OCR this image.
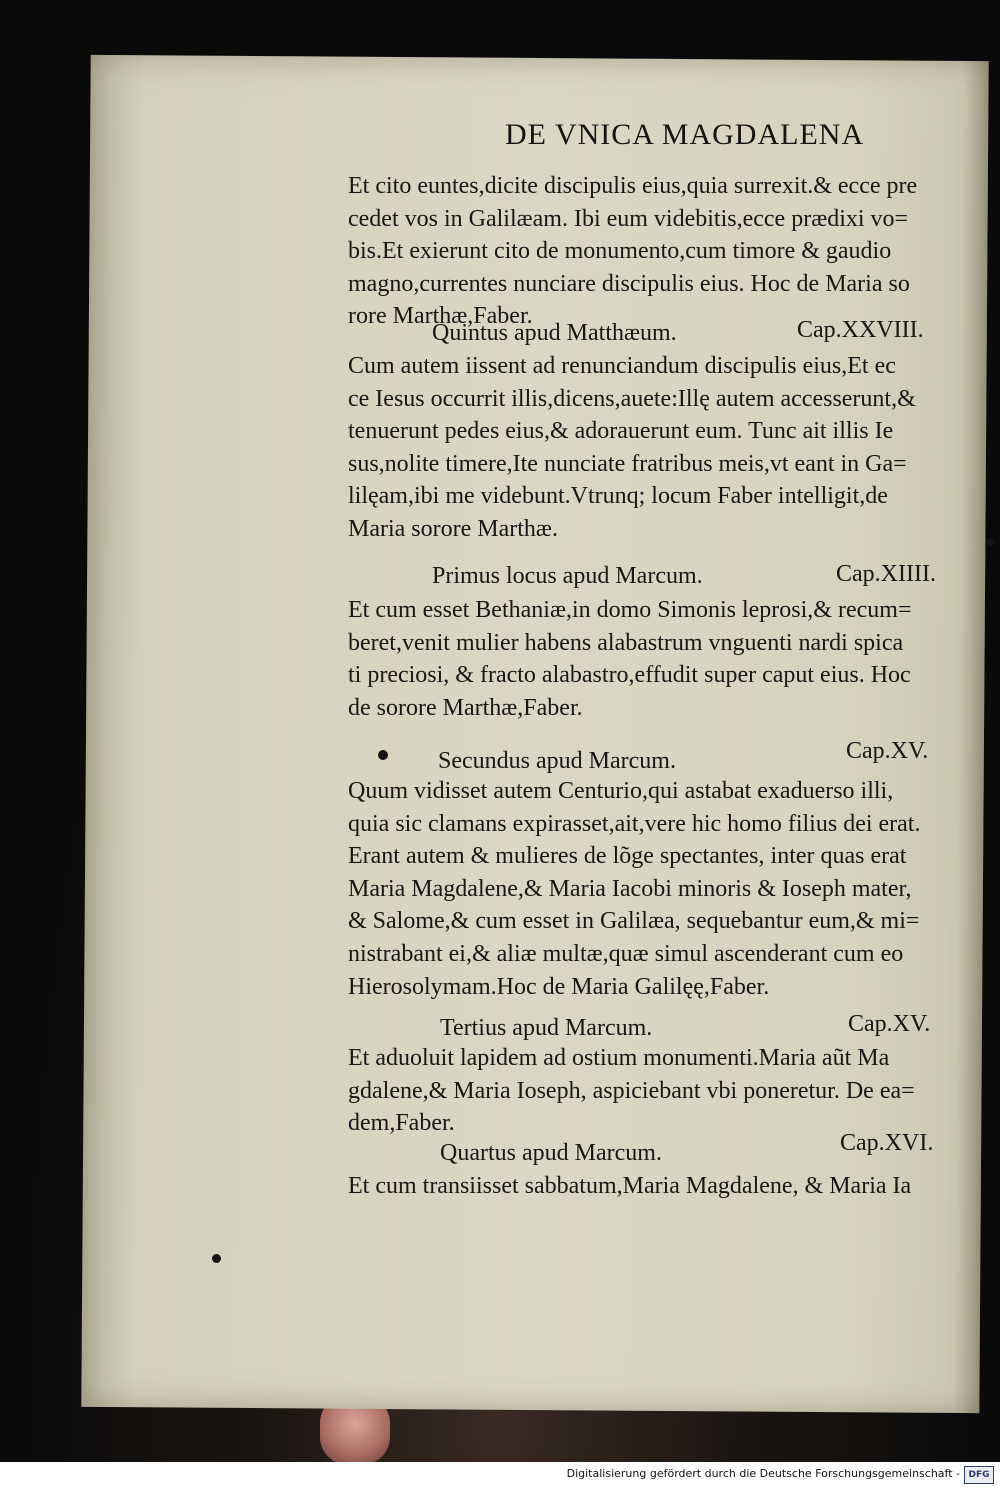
DE VNICA MAGDALENA
Et cito euntes,dicite discipulis eius,quia surrexit.& ecce pre
cedet vos in Galilæam. Ibi eum videbitis,ecce prædixi vo=
bis.Et exierunt cito de monumento,cum timore & gaudio
magno,currentes nunciare discipulis eius. Hoc de Maria so
rore Marthæ,Faber.
Quintus apud Matthæum.	Cap.XXVIII.
Cum autem iissent ad renunciandum discipulis eius,Et ec
ce Iesus occurrit illis,dicens,auete:Illę autem accesserunt,&
tenuerunt pedes eius,& adorauerunt eum. Tunc ait illis Ie
sus,nolite timere,Ite nunciate fratribus meis,vt eant in Ga=
lilęam,ibi me videbunt.Vtrunq; locum Faber intelligit,de
Maria sorore Marthæ.
Primus locus apud Marcum.	Cap.XIIII.
Et cum esset Bethaniæ,in domo Simonis leprosi,& recum=
beret,venit mulier habens alabastrum vnguenti nardi spica
ti preciosi, & fracto alabastro,effudit super caput eius. Hoc
de sorore Marthæ,Faber.
Secundus apud Marcum.	Cap.XV.
Quum vidisset autem Centurio,qui astabat exaduerso illi,
quia sic clamans expirasset,ait,vere hic homo filius dei erat.
Erant autem & mulieres de lõge spectantes, inter quas erat
Maria Magdalene,& Maria Iacobi minoris & Ioseph mater,
& Salome,& cum esset in Galilæa, sequebantur eum,& mi=
nistrabant ei,& aliæ multæ,quæ simul ascenderant cum eo
Hierosolymam.Hoc de Maria Galilęę,Faber.
Tertius apud Marcum.	Cap.XV.
Et aduoluit lapidem ad ostium monumenti.Maria aũt Ma
gdalene,& Maria Ioseph, aspiciebant vbi poneretur. De ea=
dem,Faber.
Quartus apud Marcum.	Cap.XVI.
Et cum transiisset sabbatum,Maria Magdalene, & Maria Ia
Digitalisierung gefördert durch die Deutsche Forschungsgemeinschaft - DFG
